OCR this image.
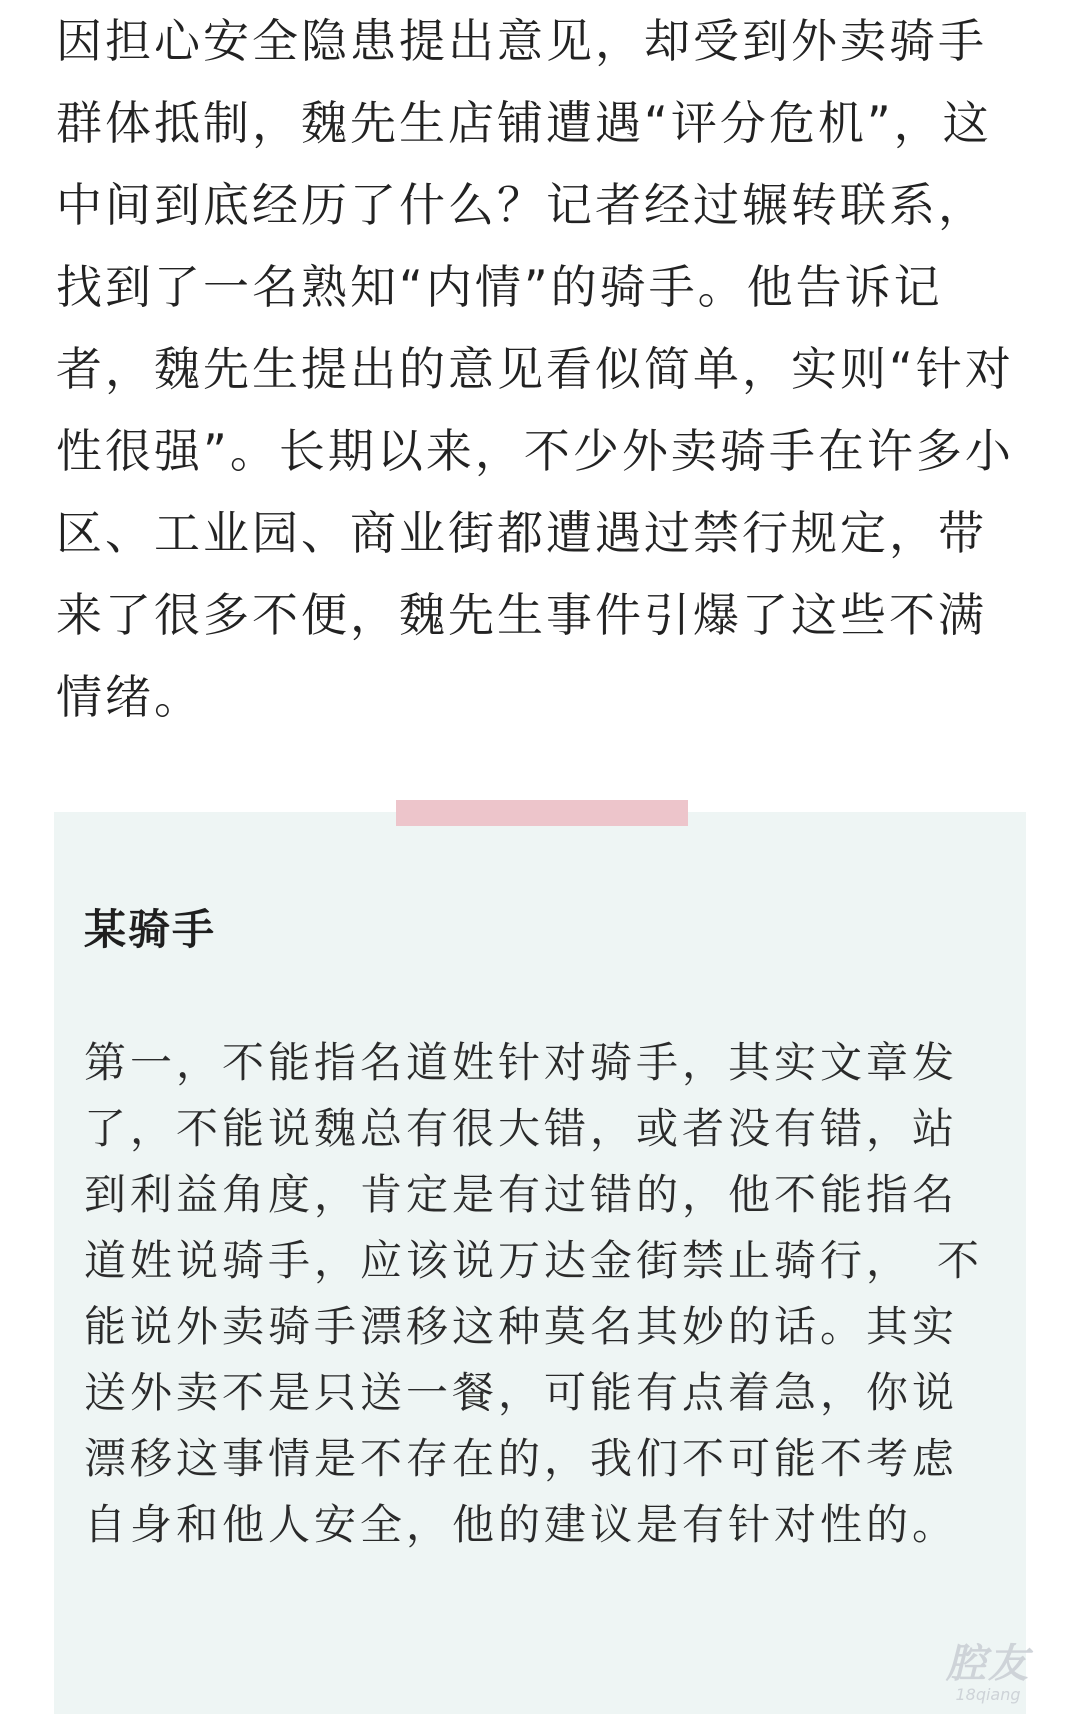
因担心安全隐患提出意见，却受到外卖骑手群体抵制，魏先生店铺遭遇“评分危机”，这中间到底经历了什么？记者经过辗转联系，找到了一名熟知“内情”的骑手。他告诉记者，魏先生提出的意见看似简单，实则“针对性很强”。长期以来，不少外卖骑手在许多小区、工业园、商业街都遭遇过禁行规定，带来了很多不便，魏先生事件引爆了这些不满情绪。

某骑手

第一，不能指名道姓针对骑手，其实文章发了，不能说魏总有很大错，或者没有错，站到利益角度，肯定是有过错的，他不能指名道姓说骑手，应该说万达金街禁止骑行，　不能说外卖骑手漂移这种莫名其妙的话。其实送外卖不是只送一餐，可能有点着急，你说漂移这事情是不存在的，我们不可能不考虑自身和他人安全，他的建议是有针对性的。

腔友
18qiang
